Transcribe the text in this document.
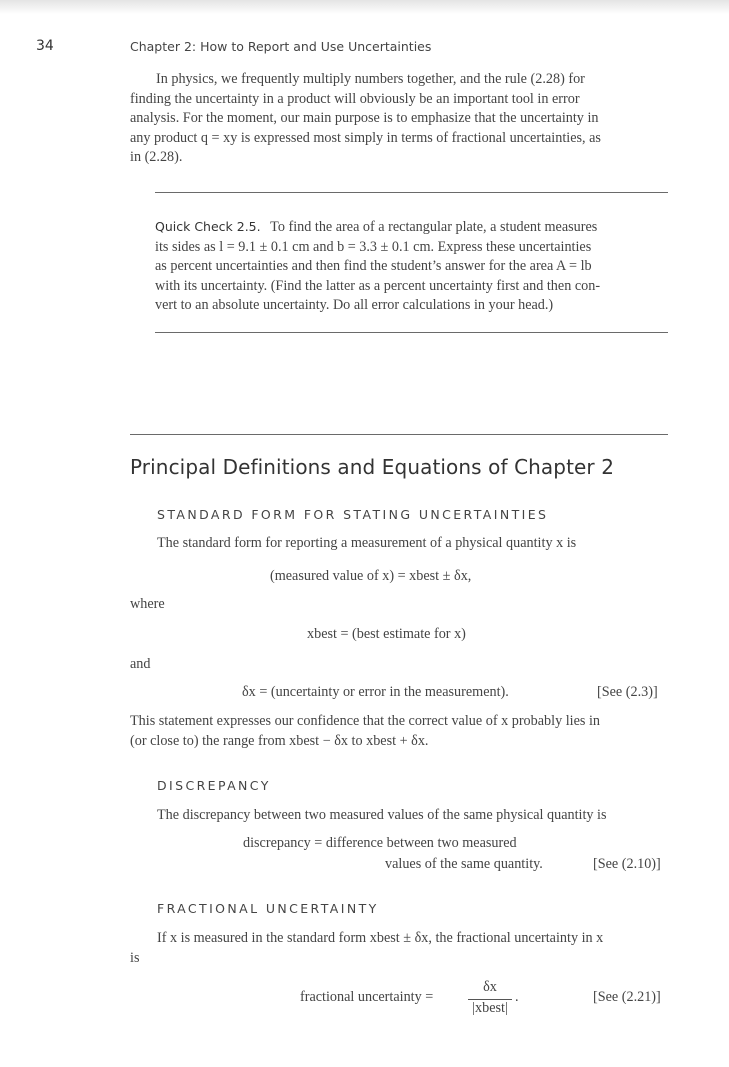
34	Chapter 2: How to Report and Use Uncertainties
In physics, we frequently multiply numbers together, and the rule (2.28) for
finding the uncertainty in a product will obviously be an important tool in error
analysis. For the moment, our main purpose is to emphasize that the uncertainty in
any product q = xy is expressed most simply in terms of fractional uncertainties, as
in (2.28).
Quick Check 2.5. To find the area of a rectangular plate, a student measures
its sides as l = 9.1 ± 0.1 cm and b = 3.3 ± 0.1 cm. Express these uncertainties
as percent uncertainties and then find the student’s answer for the area A = lb
with its uncertainty. (Find the latter as a percent uncertainty first and then con-
vert to an absolute uncertainty. Do all error calculations in your head.)
Principal Definitions and Equations of Chapter 2
STANDARD FORM FOR STATING UNCERTAINTIES
The standard form for reporting a measurement of a physical quantity x is
(measured value of x) = xbest ± δx,
where
xbest = (best estimate for x)
and
δx = (uncertainty or error in the measurement).	[See (2.3)]
This statement expresses our confidence that the correct value of x probably lies in
(or close to) the range from xbest − δx to xbest + δx.
DISCREPANCY
The discrepancy between two measured values of the same physical quantity is
discrepancy = difference between two measured
values of the same quantity.	[See (2.10)]
FRACTIONAL UNCERTAINTY
If x is measured in the standard form xbest ± δx, the fractional uncertainty in x
is
fractional uncertainty =
δx
|xbest|
.	[See (2.21)]
